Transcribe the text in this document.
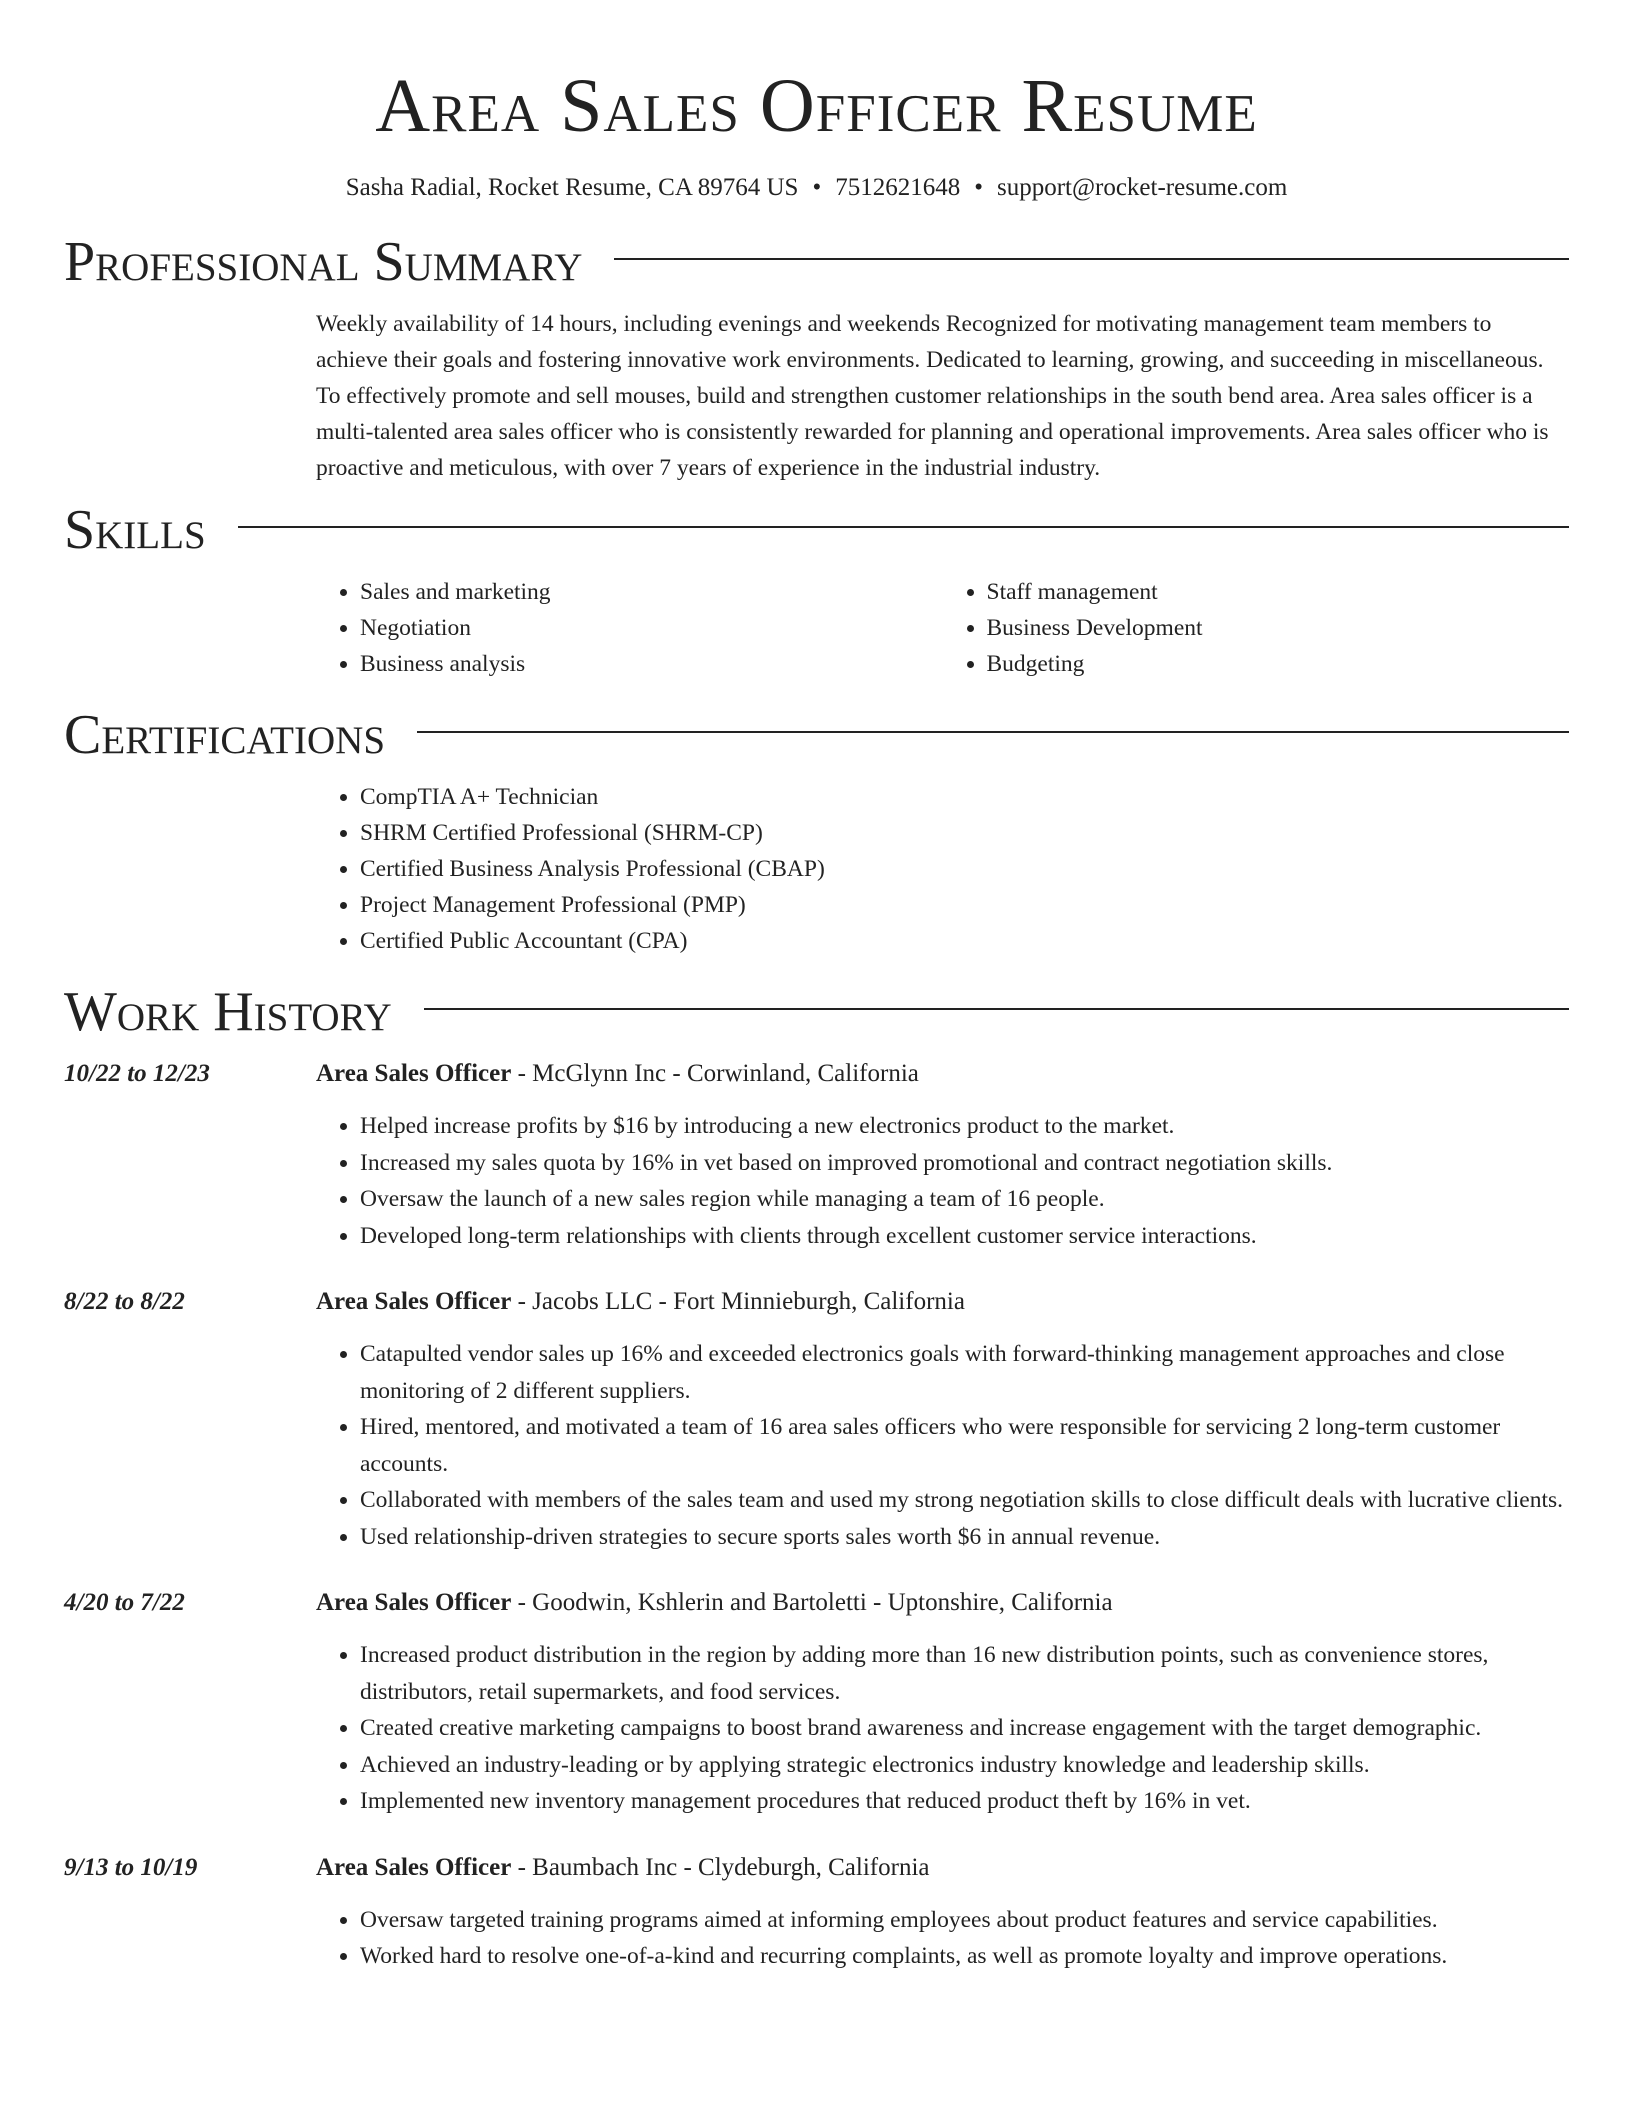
Area Sales Officer Resume
Sasha Radial, Rocket Resume, CA 89764 US • 7512621648 • support@rocket-resume.com
Professional Summary
Weekly availability of 14 hours, including evenings and weekends Recognized for motivating management team members to achieve their goals and fostering innovative work environments. Dedicated to learning, growing, and succeeding in miscellaneous. To effectively promote and sell mouses, build and strengthen customer relationships in the south bend area. Area sales officer is a multi-talented area sales officer who is consistently rewarded for planning and operational improvements. Area sales officer who is proactive and meticulous, with over 7 years of experience in the industrial industry.
Skills
• Sales and marketing
• Negotiation
• Business analysis
• Staff management
• Business Development
• Budgeting
Certifications
• CompTIA A+ Technician
• SHRM Certified Professional (SHRM-CP)
• Certified Business Analysis Professional (CBAP)
• Project Management Professional (PMP)
• Certified Public Accountant (CPA)
Work History
10/22 to 12/23	Area Sales Officer - McGlynn Inc - Corwinland, California
• Helped increase profits by $16 by introducing a new electronics product to the market.
• Increased my sales quota by 16% in vet based on improved promotional and contract negotiation skills.
• Oversaw the launch of a new sales region while managing a team of 16 people.
• Developed long-term relationships with clients through excellent customer service interactions.
8/22 to 8/22	Area Sales Officer - Jacobs LLC - Fort Minnieburgh, California
• Catapulted vendor sales up 16% and exceeded electronics goals with forward-thinking management approaches and close monitoring of 2 different suppliers.
• Hired, mentored, and motivated a team of 16 area sales officers who were responsible for servicing 2 long-term customer accounts.
• Collaborated with members of the sales team and used my strong negotiation skills to close difficult deals with lucrative clients.
• Used relationship-driven strategies to secure sports sales worth $6 in annual revenue.
4/20 to 7/22	Area Sales Officer - Goodwin, Kshlerin and Bartoletti - Uptonshire, California
• Increased product distribution in the region by adding more than 16 new distribution points, such as convenience stores, distributors, retail supermarkets, and food services.
• Created creative marketing campaigns to boost brand awareness and increase engagement with the target demographic.
• Achieved an industry-leading or by applying strategic electronics industry knowledge and leadership skills.
• Implemented new inventory management procedures that reduced product theft by 16% in vet.
9/13 to 10/19	Area Sales Officer - Baumbach Inc - Clydeburgh, California
• Oversaw targeted training programs aimed at informing employees about product features and service capabilities.
• Worked hard to resolve one-of-a-kind and recurring complaints, as well as promote loyalty and improve operations.
